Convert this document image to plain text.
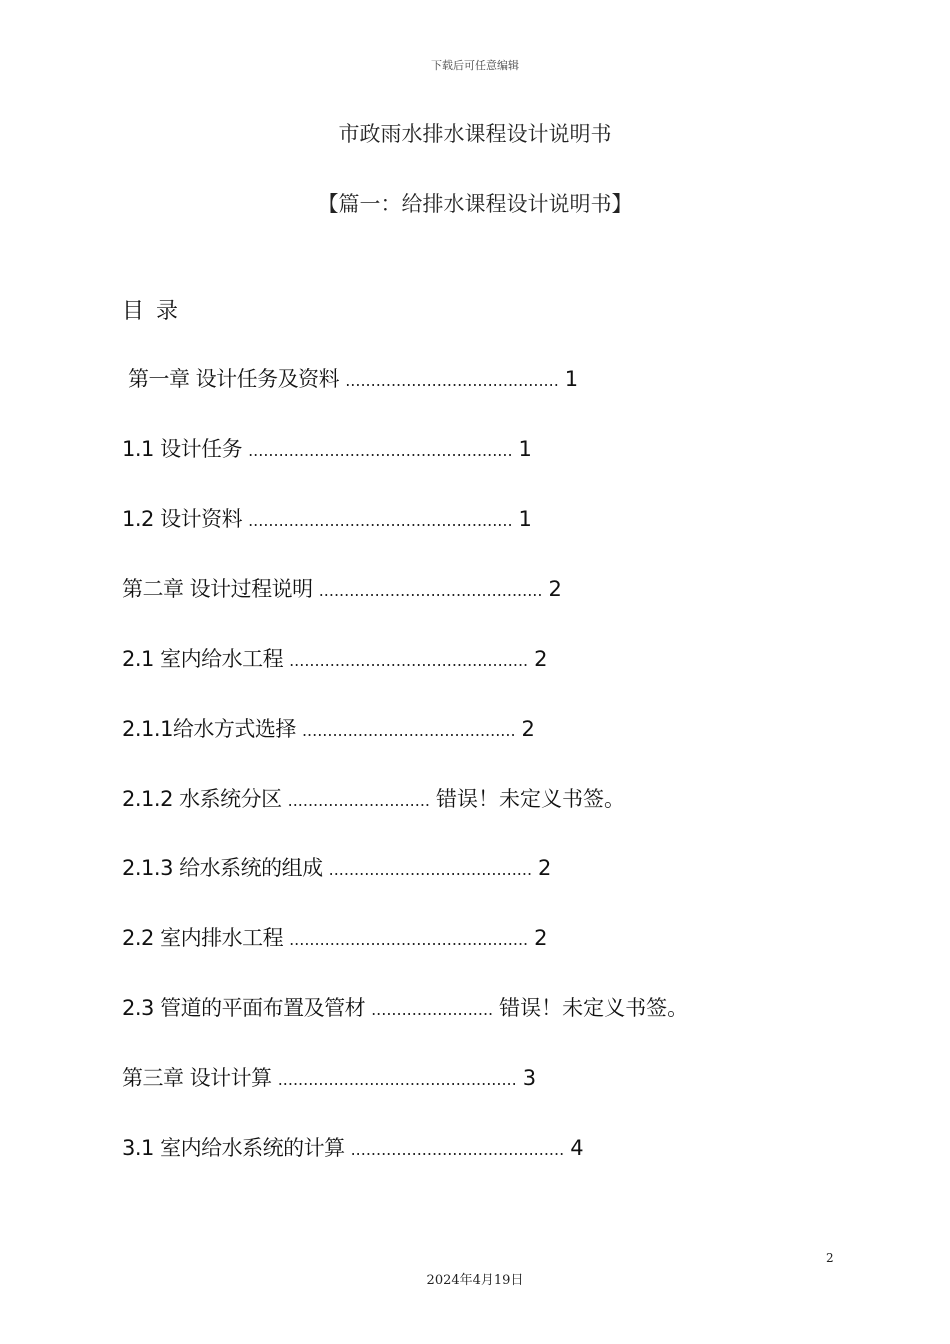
下载后可任意编辑
市政雨水排水课程设计说明书
【篇一：给排水课程设计说明书】
目录
第一章 设计任务及资料 .......................................... 1
1.1 设计任务 .................................................... 1
1.2 设计资料 .................................................... 1
第二章 设计过程说明 ............................................ 2
2.1 室内给水工程 ............................................... 2
2.1.1给水方式选择 .......................................... 2
2.1.2 水系统分区 ............................ 错误！未定义书签。
2.1.3 给水系统的组成 ........................................ 2
2.2 室内排水工程 ............................................... 2
2.3 管道的平面布置及管材 ........................ 错误！未定义书签。
第三章 设计计算 ............................................... 3
3.1 室内给水系统的计算 .......................................... 4
2
2024年4月19日
